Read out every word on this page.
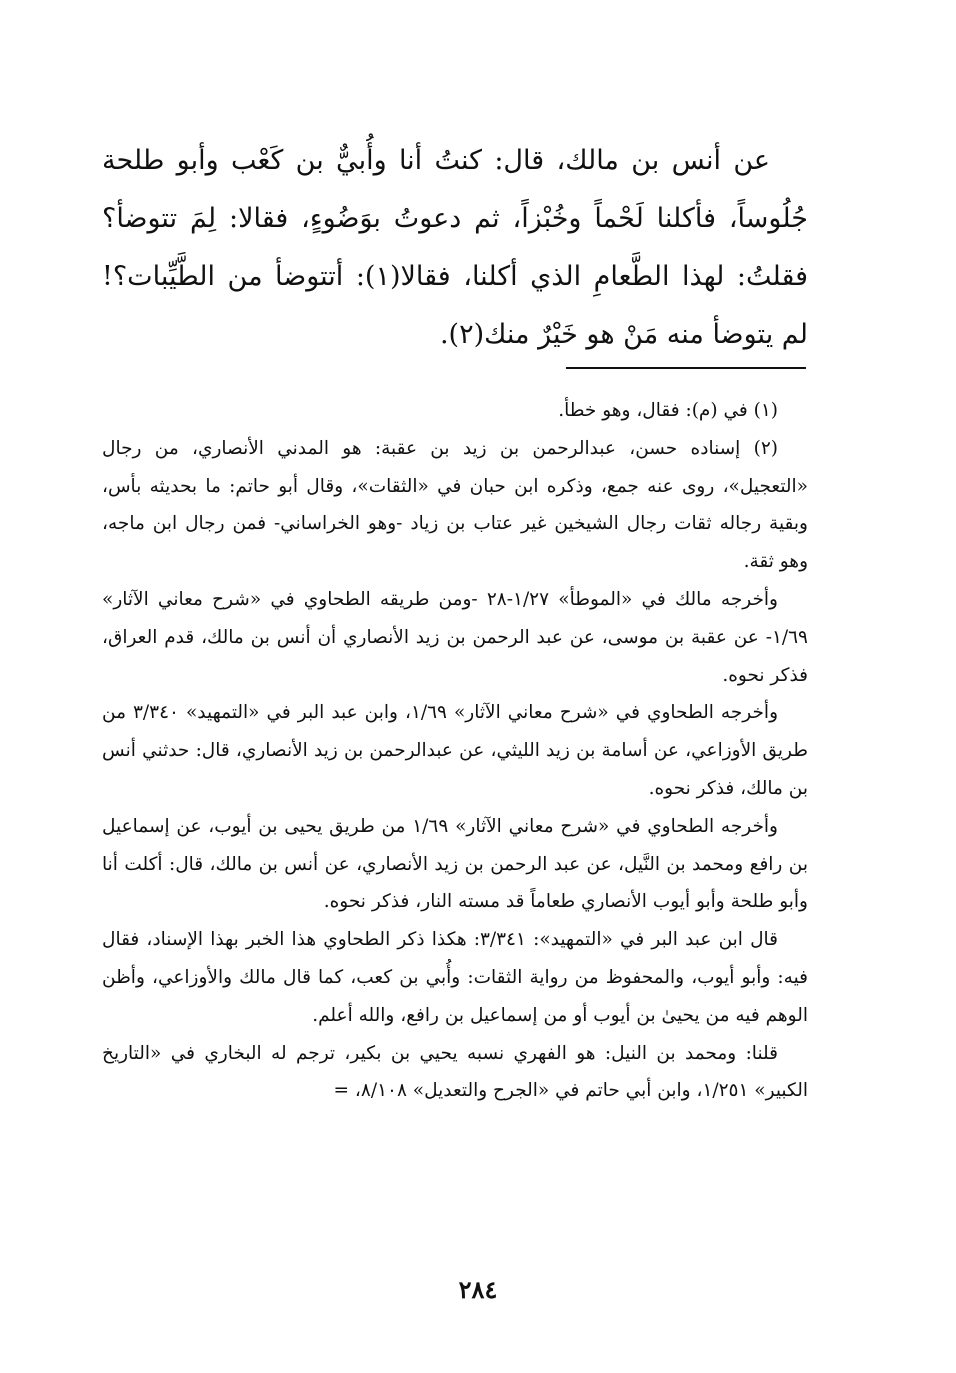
عن أنس بن مالك، قال: كنتُ أنا وأُبيٌّ بن كَعْب وأبو طلحة جُلُوساً، فأكلنا لَحْماً وخُبْزاً، ثم دعوتُ بوَضُوءٍ، فقالا: لِمَ تتوضأ؟ فقلتُ: لهذا الطَّعامِ الذي أكلنا، فقالا(١): أتتوضأ من الطَّيِّبات؟! لم يتوضأ منه مَنْ هو خَيْرٌ منك(٢).

(١) في (م): فقال، وهو خطأ.

(٢) إسناده حسن، عبدالرحمن بن زيد بن عقبة: هو المدني الأنصاري، من رجال «التعجيل»، روى عنه جمع، وذكره ابن حبان في «الثقات»، وقال أبو حاتم: ما بحديثه بأس، وبقية رجاله ثقات رجال الشيخين غير عتاب بن زياد -وهو الخراساني- فمن رجال ابن ماجه، وهو ثقة.

وأخرجه مالك في «الموطأ» ١/٢٧-٢٨ -ومن طريقه الطحاوي في «شرح معاني الآثار» ١/٦٩- عن عقبة بن موسى، عن عبد الرحمن بن زيد الأنصاري أن أنس بن مالك، قدم العراق، فذكر نحوه.

وأخرجه الطحاوي في «شرح معاني الآثار» ١/٦٩، وابن عبد البر في «التمهيد» ٣/٣٤٠ من طريق الأوزاعي، عن أسامة بن زيد الليثي، عن عبدالرحمن بن زيد الأنصاري، قال: حدثني أنس بن مالك، فذكر نحوه.

وأخرجه الطحاوي في «شرح معاني الآثار» ١/٦٩ من طريق يحيى بن أيوب، عن إسماعيل بن رافع ومحمد بن النَّيل، عن عبد الرحمن بن زيد الأنصاري، عن أنس بن مالك، قال: أكلت أنا وأبو طلحة وأبو أيوب الأنصاري طعاماً قد مسته النار، فذكر نحوه.

قال ابن عبد البر في «التمهيد»: ٣/٣٤١: هكذا ذكر الطحاوي هذا الخبر بهذا الإسناد، فقال فيه: وأبو أيوب، والمحفوظ من رواية الثقات: وأُبي بن كعب، كما قال مالك والأوزاعي، وأظن الوهم فيه من يحيىٰ بن أيوب أو من إسماعيل بن رافع، والله أعلم.

قلنا: ومحمد بن النيل: هو الفهري نسبه يحيي بن بكير، ترجم له البخاري في «التاريخ الكبير» ١/٢٥١، وابن أبي حاتم في «الجرح والتعديل» ٨/١٠٨، =

٢٨٤
